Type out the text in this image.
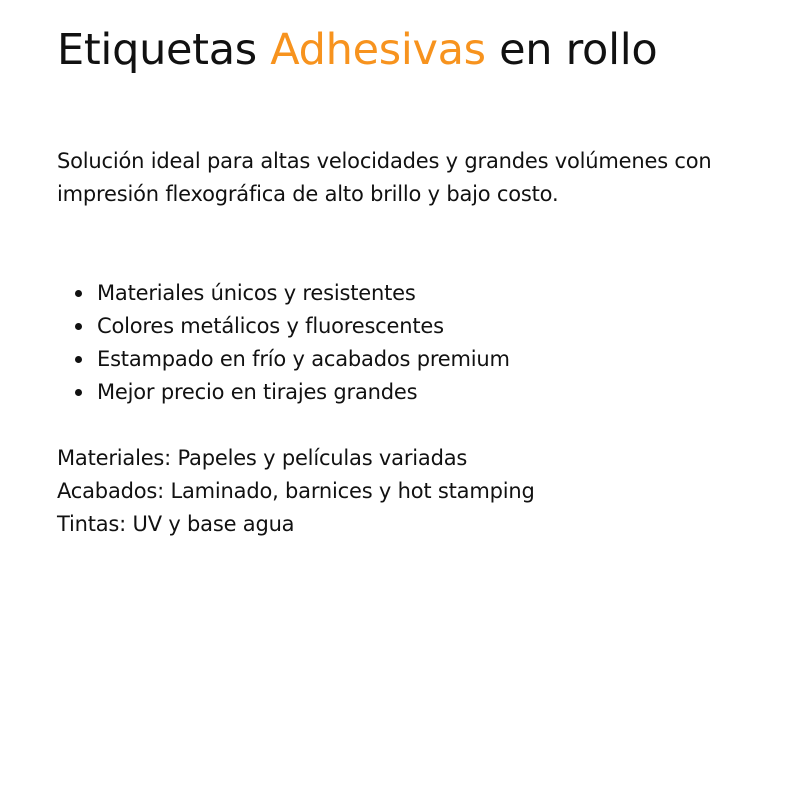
Etiquetas Adhesivas en rollo

Solución ideal para altas velocidades y grandes volúmenes con impresión flexográfica de alto brillo y bajo costo.

Materiales únicos y resistentes
Colores metálicos y fluorescentes
Estampado en frío y acabados premium
Mejor precio en tirajes grandes
Materiales: Papeles y películas variadas
Acabados: Laminado, barnices y hot stamping
Tintas: UV y base agua
